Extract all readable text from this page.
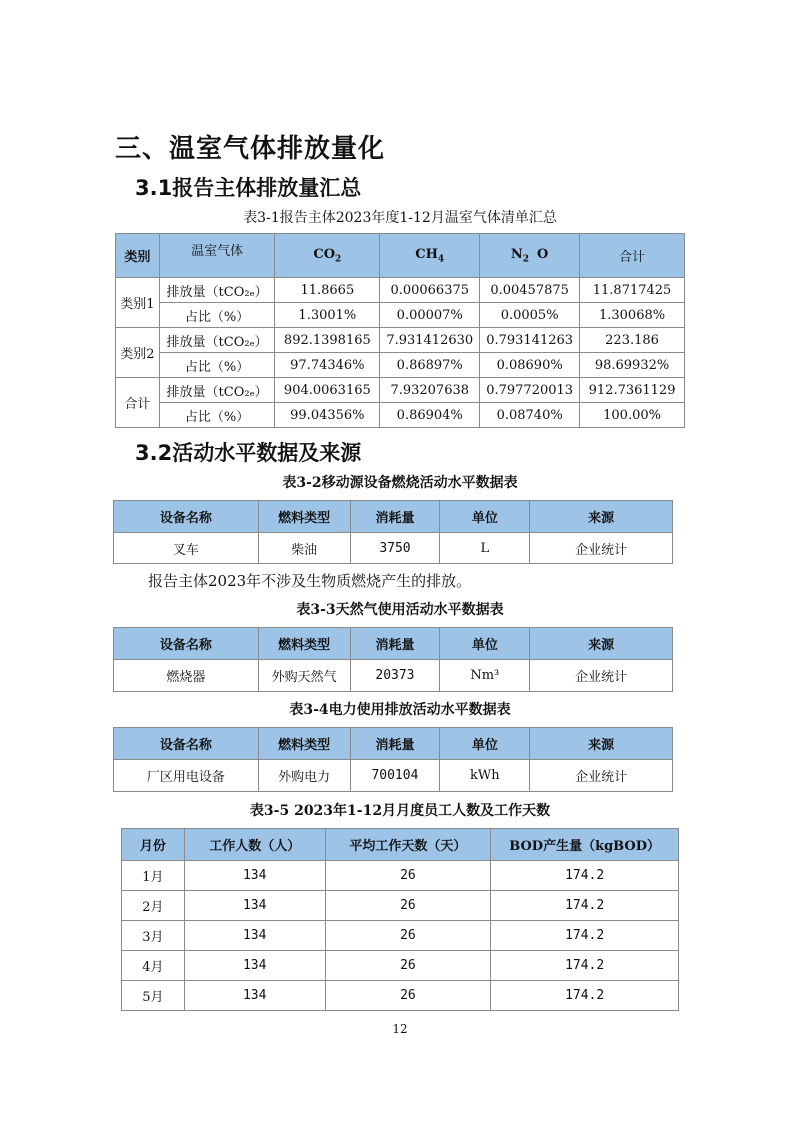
三、温室气体排放量化
3.1报告主体排放量汇总
表3-1报告主体2023年度1-12月温室气体清单汇总
类别	温室气体	$CO_2$	$CH_4$	$N_2$ O	合计
类别1	排放量（tCO₂ₑ）	11.8665	0.00066375	0.00457875	11.8717425
	占比（%）	1.3001%	0.00007%	0.0005%	1.30068%
类别2	排放量（tCO₂ₑ）	892.1398165	7.931412630	0.793141263	223.186
	占比（%）	97.74346%	0.86897%	0.08690%	98.69932%
合计	排放量（tCO₂ₑ）	904.0063165	7.93207638	0.797720013	912.7361129
	占比（%）	99.04356%	0.86904%	0.08740%	100.00%
3.2活动水平数据及来源
表3-2移动源设备燃烧活动水平数据表
设备名称	燃料类型	消耗量	单位	来源
叉车	柴油	3750	L	企业统计
报告主体2023年不涉及生物质燃烧产生的排放。
表3-3天然气使用活动水平数据表
设备名称	燃料类型	消耗量	单位	来源
燃烧器	外购天然气	20373	Nm³	企业统计
表3-4电力使用排放活动水平数据表
设备名称	燃料类型	消耗量	单位	来源
厂区用电设备	外购电力	700104	kWh	企业统计
表3-5 2023年1-12月月度员工人数及工作天数
月份	工作人数（人）	平均工作天数（天）	BOD产生量（kgBOD）
1月	134	26	174.2
2月	134	26	174.2
3月	134	26	174.2
4月	134	26	174.2
5月	134	26	174.2
12
